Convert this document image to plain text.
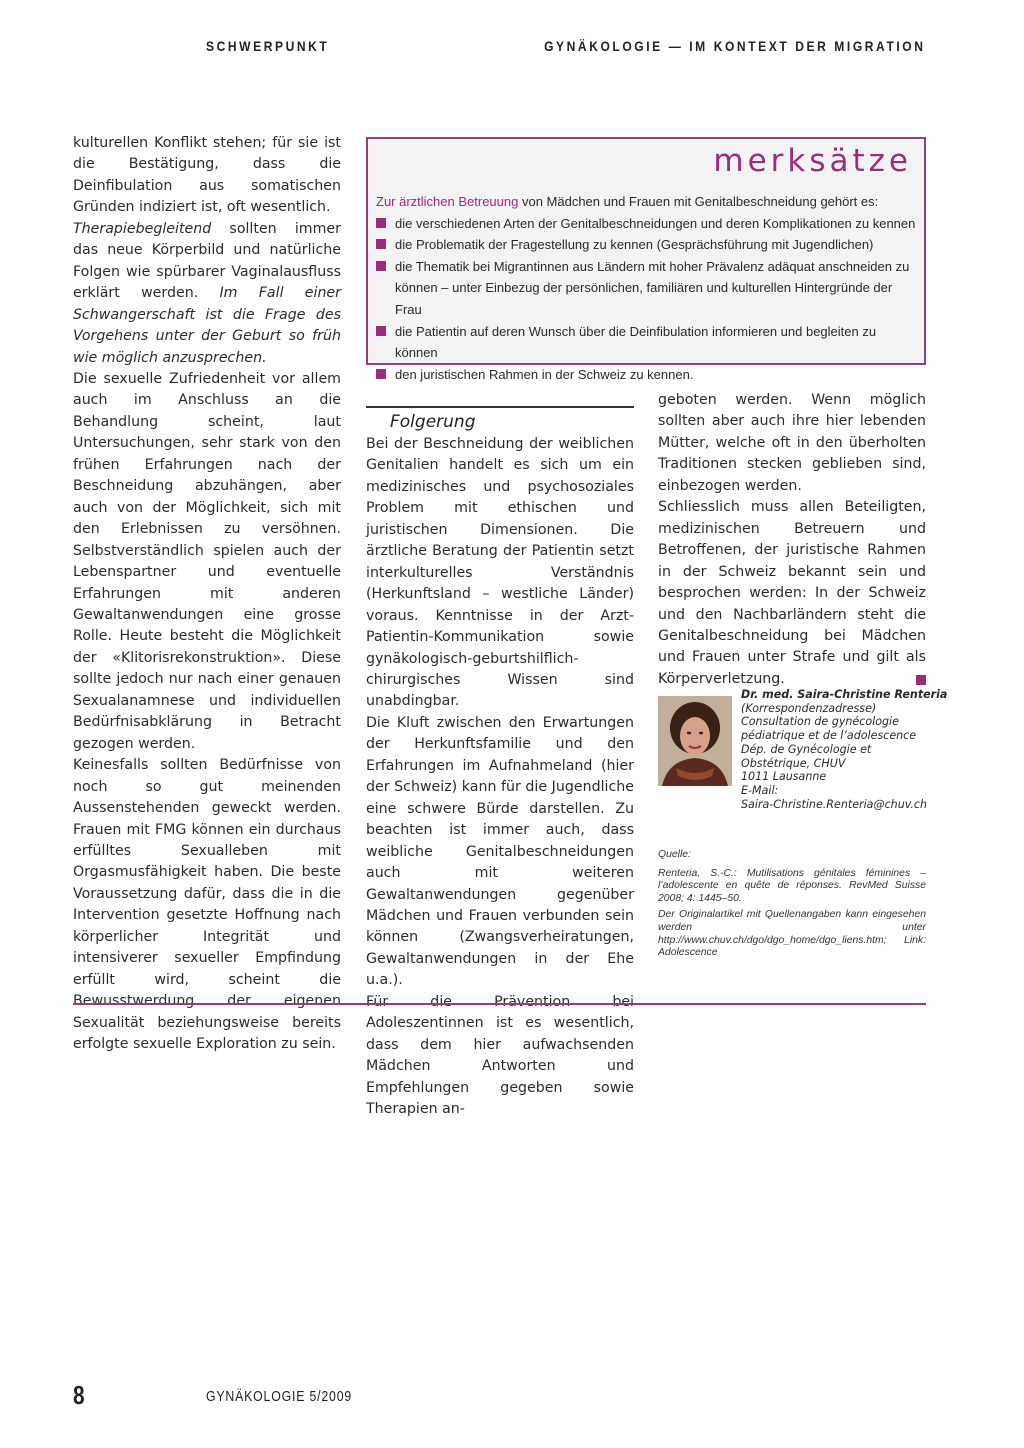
SCHWERPUNKT	GYNÄKOLOGIE — IM KONTEXT DER MIGRATION

kulturellen Konflikt stehen; für sie ist die Bestätigung, dass die Deinfibulation aus somatischen Gründen indiziert ist, oft wesentlich.

Therapiebegleitend sollten immer das neue Körperbild und natürliche Folgen wie spürbarer Vaginalausfluss erklärt werden. Im Fall einer Schwangerschaft ist die Frage des Vorgehens unter der Geburt so früh wie möglich anzusprechen.

Die sexuelle Zufriedenheit vor allem auch im Anschluss an die Behandlung scheint, laut Untersuchungen, sehr stark von den frühen Erfahrungen nach der Beschneidung abzuhängen, aber auch von der Möglichkeit, sich mit den Erlebnissen zu versöhnen. Selbstverständlich spielen auch der Lebenspartner und eventuelle Erfahrungen mit anderen Gewaltanwendungen eine grosse Rolle. Heute besteht die Möglichkeit der «Klitorisrekonstruktion». Diese sollte jedoch nur nach einer genauen Sexualanamnese und individuellen Bedürfnisabklärung in Betracht gezogen werden.

Keinesfalls sollten Bedürfnisse von noch so gut meinenden Aussenstehenden geweckt werden. Frauen mit FMG können ein durchaus erfülltes Sexualleben mit Orgasmusfähigkeit haben. Die beste Voraussetzung dafür, dass die in die Intervention gesetzte Hoffnung nach körperlicher Integrität und intensiverer sexueller Empfindung erfüllt wird, scheint die Bewusstwerdung der eigenen Sexualität beziehungsweise bereits erfolgte sexuelle Exploration zu sein.

merksätze
Zur ärztlichen Betreuung von Mädchen und Frauen mit Genitalbeschneidung gehört es:
die verschiedenen Arten der Genitalbeschneidungen und deren Komplikationen zu kennen
die Problematik der Fragestellung zu kennen (Gesprächsführung mit Jugendlichen)
die Thematik bei Migrantinnen aus Ländern mit hoher Prävalenz adäquat anschneiden zu können – unter Einbezug der persönlichen, familiären und kulturellen Hintergründe der Frau
die Patientin auf deren Wunsch über die Deinfibulation informieren und begleiten zu können
den juristischen Rahmen in der Schweiz zu kennen.
Folgerung

Bei der Beschneidung der weiblichen Genitalien handelt es sich um ein medizinisches und psychosoziales Problem mit ethischen und juristischen Dimensionen. Die ärztliche Beratung der Patientin setzt interkulturelles Verständnis (Herkunftsland – westliche Länder) voraus. Kenntnisse in der Arzt-Patientin-Kommunikation sowie gynäkologisch-geburtshilflich-chirurgisches Wissen sind unabdingbar.

Die Kluft zwischen den Erwartungen der Herkunftsfamilie und den Erfahrungen im Aufnahmeland (hier der Schweiz) kann für die Jugendliche eine schwere Bürde darstellen. Zu beachten ist immer auch, dass weibliche Genitalbeschneidungen auch mit weiteren Gewaltanwendungen gegenüber Mädchen und Frauen verbunden sein können (Zwangsverheiratungen, Gewaltanwendungen in der Ehe u.a.).

Für die Prävention bei Adoleszentinnen ist es wesentlich, dass dem hier aufwachsenden Mädchen Antworten und Empfehlungen gegeben sowie Therapien an-

geboten werden. Wenn möglich sollten aber auch ihre hier lebenden Mütter, welche oft in den überholten Traditionen stecken geblieben sind, einbezogen werden.

Schliesslich muss allen Beteiligten, medizinischen Betreuern und Betroffenen, der juristische Rahmen in der Schweiz bekannt sein und besprochen werden: In der Schweiz und den Nachbarländern steht die Genitalbeschneidung bei Mädchen und Frauen unter Strafe und gilt als Körperverletzung.

Dr. med. Saira-Christine Renteria
(Korrespondenzadresse)
Consultation de gynécologie
pédiatrique et de l’adolescence
Dép. de Gynécologie et
Obstétrique, CHUV
1011 Lausanne
E-Mail:
Saira-Christine.Renteria@chuv.ch

Quelle:

Renteria, S.-C.: Mutilisations génitales féminines – l’adolescente en quête de réponses. RevMed Suisse 2008; 4: 1445–50.

Der Originalartikel mit Quellenangaben kann eingesehen werden unter http://www.chuv.ch/dgo/dgo_home/dgo_liens.htm; Link: Adolescence

8	GYNÄKOLOGIE 5/2009
